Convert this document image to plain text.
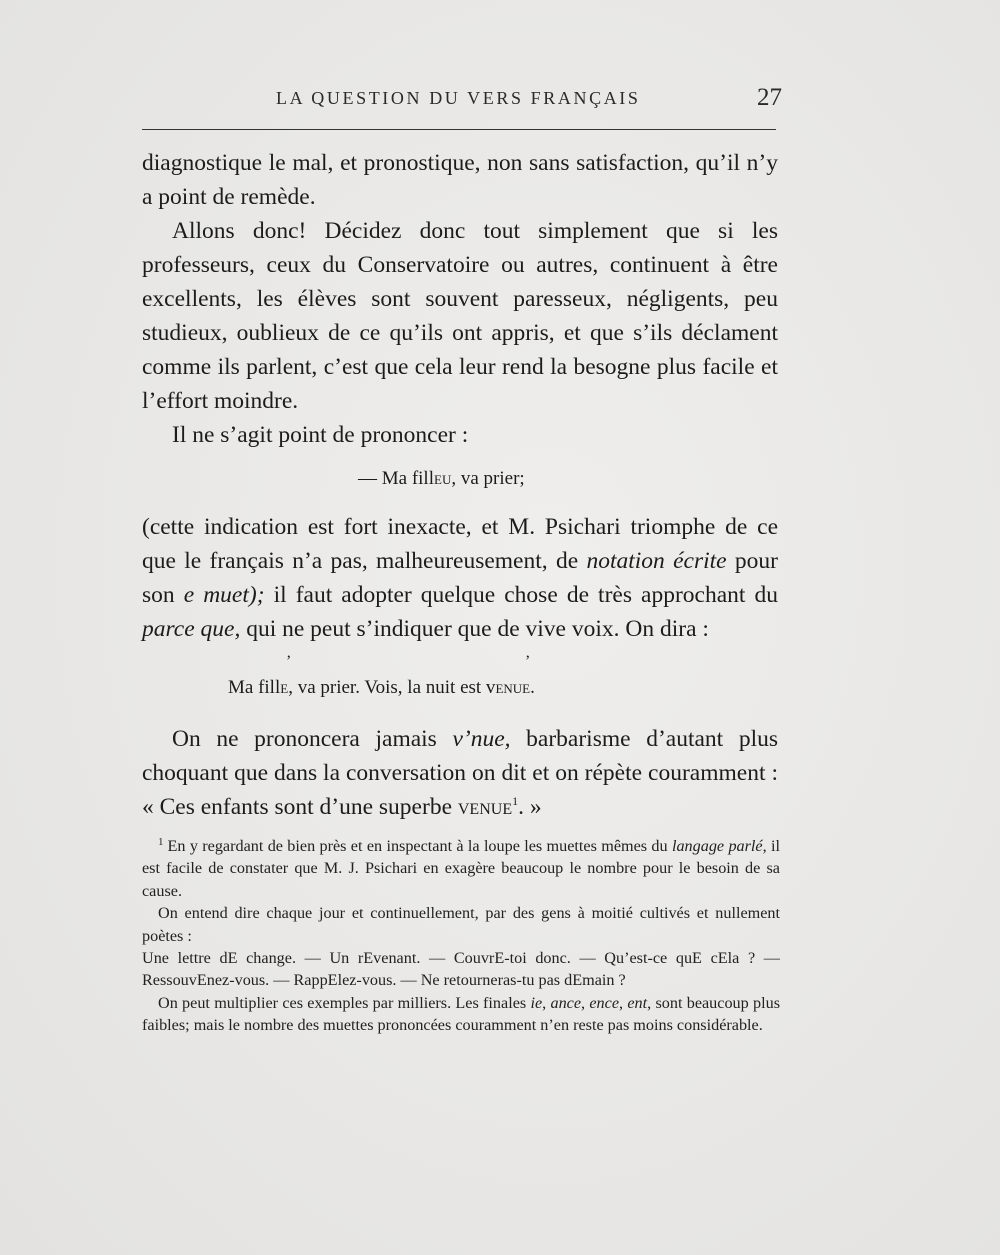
LA QUESTION DU VERS FRANÇAIS	27

diagnostique le mal, et pronostique, non sans satisfaction, qu’il n’y a point de remède.

Allons donc! Décidez donc tout simplement que si les professeurs, ceux du Conservatoire ou autres, continuent à être excellents, les élèves sont souvent paresseux, négligents, peu studieux, oublieux de ce qu’ils ont appris, et que s’ils déclament comme ils parlent, c’est que cela leur rend la besogne plus facile et l’effort moindre.

Il ne s’agit point de prononcer :

— Ma filleu, va prier;

(cette indication est fort inexacte, et M. Psichari triomphe de ce que le français n’a pas, malheureusement, de notation écrite pour son e muet); il faut adopter quelque chose de très approchant du parce que, qui ne peut s’indiquer que de vive voix. On dira :

’	’
Ma fille, va prier. Vois, la nuit est venue.

On ne prononcera jamais v’nue, barbarisme d’autant plus choquant que dans la conversation on dit et on répète couramment : « Ces enfants sont d’une superbe venue$^1$. »

$^1$ En y regardant de bien près et en inspectant à la loupe les muettes mêmes du langage parlé, il est facile de constater que M. J. Psichari en exagère beaucoup le nombre pour le besoin de sa cause.

On entend dire chaque jour et continuellement, par des gens à moitié cultivés et nullement poètes :

Une lettre dE change. — Un rEvenant. — CouvrE-toi donc. — Qu’est-ce quE cEla ? — RessouvEnez-vous. — RappElez-vous. — Ne retourneras-tu pas dEmain ?

On peut multiplier ces exemples par milliers. Les finales ie, ance, ence, ent, sont beaucoup plus faibles; mais le nombre des muettes prononcées couramment n’en reste pas moins considérable.
